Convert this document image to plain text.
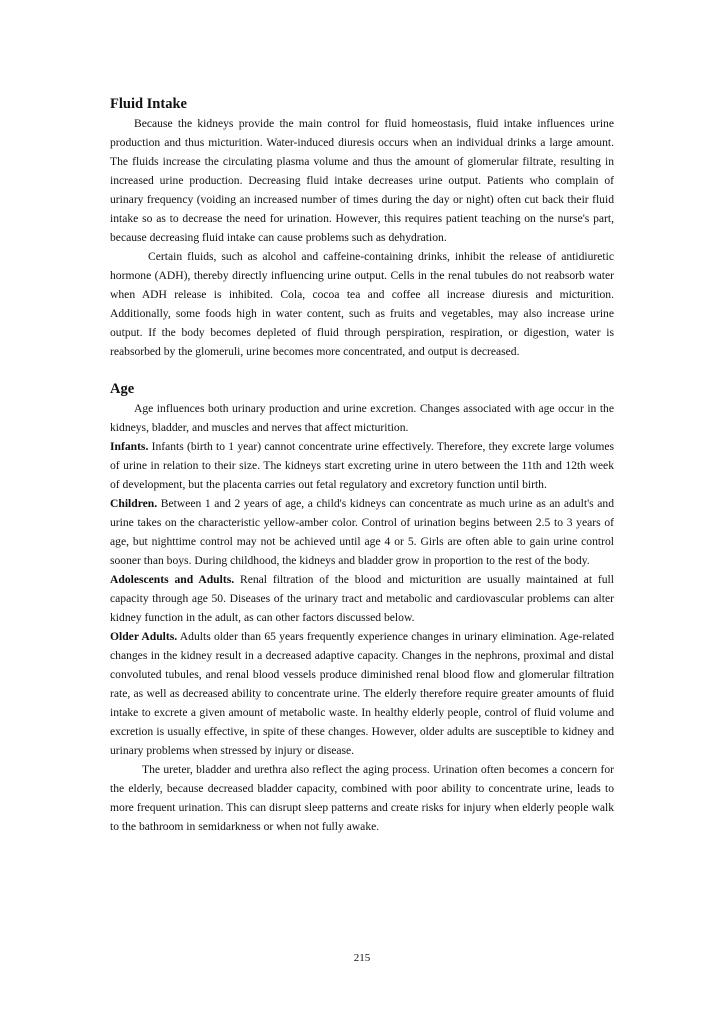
Fluid Intake

Because the kidneys provide the main control for fluid homeostasis, fluid intake influences urine production and thus micturition. Water-induced diuresis occurs when an individual drinks a large amount. The fluids increase the circulating plasma volume and thus the amount of glomerular filtrate, resulting in increased urine production. Decreasing fluid intake decreases urine output. Patients who complain of urinary frequency (voiding an increased number of times during the day or night) often cut back their fluid intake so as to decrease the need for urination. However, this requires patient teaching on the nurse's part, because decreasing fluid intake can cause problems such as dehydration.

Certain fluids, such as alcohol and caffeine-containing drinks, inhibit the release of antidiuretic hormone (ADH), thereby directly influencing urine output. Cells in the renal tubules do not reabsorb water when ADH release is inhibited. Cola, cocoa tea and coffee all increase diuresis and micturition. Additionally, some foods high in water content, such as fruits and vegetables, may also increase urine output. If the body becomes depleted of fluid through perspiration, respiration, or digestion, water is reabsorbed by the glomeruli, urine becomes more concentrated, and output is decreased.

Age

Age influences both urinary production and urine excretion. Changes associated with age occur in the kidneys, bladder, and muscles and nerves that affect micturition.

Infants. Infants (birth to 1 year) cannot concentrate urine effectively. Therefore, they excrete large volumes of urine in relation to their size. The kidneys start excreting urine in utero between the 11th and 12th week of development, but the placenta carries out fetal regulatory and excretory function until birth.

Children. Between 1 and 2 years of age, a child's kidneys can concentrate as much urine as an adult's and urine takes on the characteristic yellow-amber color. Control of urination begins between 2.5 to 3 years of age, but nighttime control may not be achieved until age 4 or 5. Girls are often able to gain urine control sooner than boys. During childhood, the kidneys and bladder grow in proportion to the rest of the body.

Adolescents and Adults. Renal filtration of the blood and micturition are usually maintained at full capacity through age 50. Diseases of the urinary tract and metabolic and cardiovascular problems can alter kidney function in the adult, as can other factors discussed below.

Older Adults. Adults older than 65 years frequently experience changes in urinary elimination. Age-related changes in the kidney result in a decreased adaptive capacity. Changes in the nephrons, proximal and distal convoluted tubules, and renal blood vessels produce diminished renal blood flow and glomerular filtration rate, as well as decreased ability to concentrate urine. The elderly therefore require greater amounts of fluid intake to excrete a given amount of metabolic waste. In healthy elderly people, control of fluid volume and excretion is usually effective, in spite of these changes. However, older adults are susceptible to kidney and urinary problems when stressed by injury or disease.

The ureter, bladder and urethra also reflect the aging process. Urination often becomes a concern for the elderly, because decreased bladder capacity, combined with poor ability to concentrate urine, leads to more frequent urination. This can disrupt sleep patterns and create risks for injury when elderly people walk to the bathroom in semidarkness or when not fully awake.

215
